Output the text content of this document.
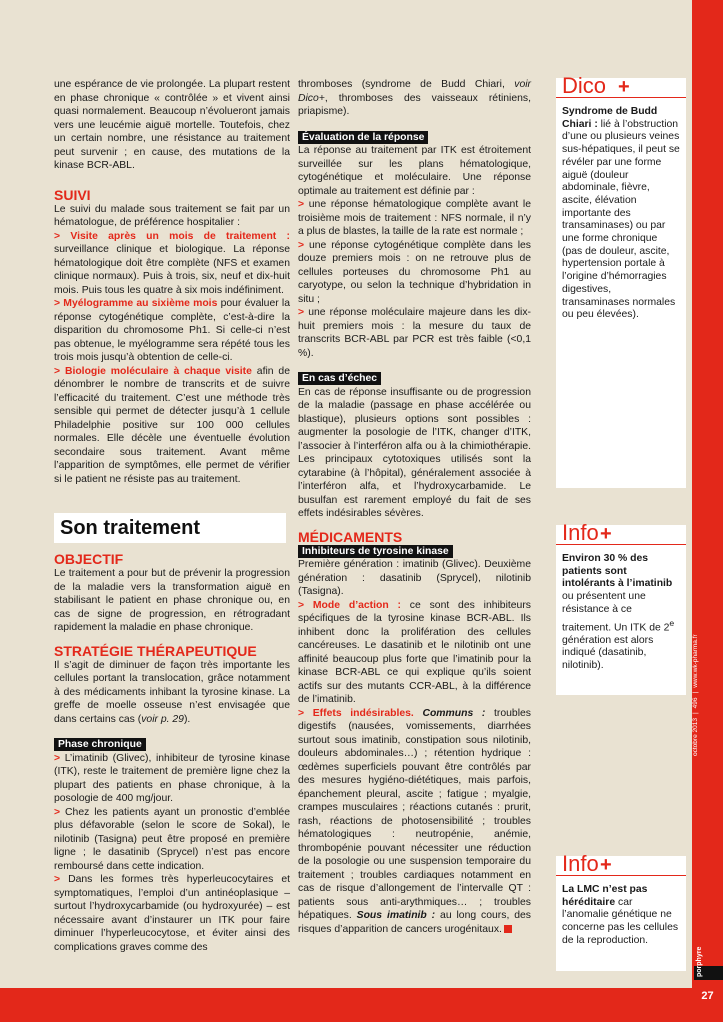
27
octobre 2013|496|www.wk-pharma.fr

une espérance de vie prolongée. La plupart restent en phase chronique « contrôlée » et vivent ainsi quasi normalement. Beaucoup n’évolueront jamais vers une leucémie aiguë mortelle. Toutefois, chez un certain nombre, une résistance au traitement peut survenir ; en cause, des mutations de la kinase BCR-ABL.

SUIVI

Le suivi du malade sous traitement se fait par un hématologue, de préférence hospitalier :

> Visite après un mois de traitement : surveillance clinique et biologique. La réponse hématologique doit être complète (NFS et examen clinique normaux). Puis à trois, six, neuf et dix-huit mois. Puis tous les quatre à six mois indéfiniment.

> Myélogramme au sixième mois pour évaluer la réponse cytogénétique complète, c’est-à-dire la disparition du chromosome Ph1. Si celle-ci n’est pas obtenue, le myélogramme sera répété tous les trois mois jusqu’à obtention de celle-ci.

> Biologie moléculaire à chaque visite afin de dénombrer le nombre de transcrits et de suivre l’efficacité du traitement. C’est une méthode très sensible qui permet de détecter jusqu’à 1 cellule Philadelphie positive sur 100 000 cellules normales. Elle décèle une éventuelle évolution secondaire sous traitement. Avant même l’apparition de symptômes, elle permet de vérifier si le patient ne résiste pas au traitement.

Son traitement
OBJECTIF

Le traitement a pour but de prévenir la progression de la maladie vers la transformation aiguë en stabilisant le patient en phase chronique ou, en cas de signe de progression, en rétrogradant rapidement la maladie en phase chronique.

STRATÉGIE THÉRAPEUTIQUE

Il s’agit de diminuer de façon très importante les cellules portant la translocation, grâce notamment à des médicaments inhibant la tyrosine kinase. La greffe de moelle osseuse n’est envisagée que dans certains cas (voir p. 29).

Phase chronique

> L’imatinib (Glivec), inhibiteur de tyrosine kinase (ITK), reste le traitement de première ligne chez la plupart des patients en phase chronique, à la posologie de 400 mg/jour.

> Chez les patients ayant un pronostic d’emblée plus défavorable (selon le score de Sokal), le nilotinib (Tasigna) peut être proposé en première ligne ; le dasatinib (Sprycel) n’est pas encore remboursé dans cette indication.

> Dans les formes très hyperleucocytaires et symptomatiques, l’emploi d’un antinéoplasique – surtout l’hydroxycarbamide (ou hydroxyurée) – est nécessaire avant d’instaurer un ITK pour faire diminuer l’hyperleucocytose, et éviter ainsi des complications graves comme des

thromboses (syndrome de Budd Chiari, voir Dico+, thromboses des vaisseaux rétiniens, priapisme).

Évaluation de la réponse

La réponse au traitement par ITK est étroitement surveillée sur les plans hématologique, cytogénétique et moléculaire. Une réponse optimale au traitement est définie par :

> une réponse hématologique complète avant le troisième mois de traitement : NFS normale, il n’y a plus de blastes, la taille de la rate est normale ;

> une réponse cytogénétique complète dans les douze premiers mois : on ne retrouve plus de cellules porteuses du chromosome Ph1 au caryotype, ou selon la technique d’hybridation in situ ;

> une réponse moléculaire majeure dans les dix-huit premiers mois : la mesure du taux de transcrits BCR-ABL par PCR est très faible (<0,1 %).

En cas d’échec

En cas de réponse insuffisante ou de progression de la maladie (passage en phase accélérée ou blastique), plusieurs options sont possibles : augmenter la posologie de l’ITK, changer d’ITK, l’associer à l’interféron alfa ou à la chimiothérapie. Les principaux cytotoxiques utilisés sont la cytarabine (à l’hôpital), généralement associée à l’interféron alfa, et l’hydroxycarbamide. Le busulfan est rarement employé du fait de ses effets indésirables sévères.

MÉDICAMENTS
Inhibiteurs de tyrosine kinase

Première génération : imatinib (Glivec). Deuxième génération : dasatinib (Sprycel), nilotinib (Tasigna).

> Mode d’action : ce sont des inhibiteurs spécifiques de la tyrosine kinase BCR-ABL. Ils inhibent donc la prolifération des cellules cancéreuses. Le dasatinib et le nilotinib ont une affinité beaucoup plus forte que l’imatinib pour la kinase BCR-ABL ce qui explique qu’ils soient actifs sur des mutants CCR-ABL, à la différence de l’imatinib.

> Effets indésirables. Communs : troubles digestifs (nausées, vomissements, diarrhées surtout sous imatinib, constipation sous nilotinib, douleurs abdominales…) ; rétention hydrique : œdèmes superficiels pouvant être contrôlés par des mesures hygiéno-diététiques, mais parfois, épanchement pleural, ascite ; fatigue ; myalgie, crampes musculaires ; réactions cutanés : prurit, rash, réactions de photosensibilité ; troubles hématologiques : neutropénie, anémie, thrombopénie pouvant nécessiter une réduction de la posologie ou une suspension temporaire du traitement ; troubles cardiaques notamment en cas de risque d’allongement de l’intervalle QT : patients sous anti-arythmiques… ; troubles hépatiques. Sous imatinib : au long cours, des risques d’apparition de cancers urogénitaux.

Dico +
Syndrome de Budd Chiari : lié à l’obstruction d’une ou plusieurs veines sus-hépatiques, il peut se révéler par une forme aiguë (douleur abdominale, fièvre, ascite, élévation importante des transaminases) ou par une forme chronique (pas de douleur, ascite, hypertension portale à l’origine d’hémorragies digestives, transaminases normales ou peu élevées).
Info +
Environ 30 % des patients sont intolérants à l’imatinib ou présentent une résistance à ce traitement. Un ITK de 2e génération est alors indiqué (dasatinib, nilotinib).
Info +
La LMC n’est pas héréditaire car l’anomalie génétique ne concerne pas les cellules de la reproduction.
